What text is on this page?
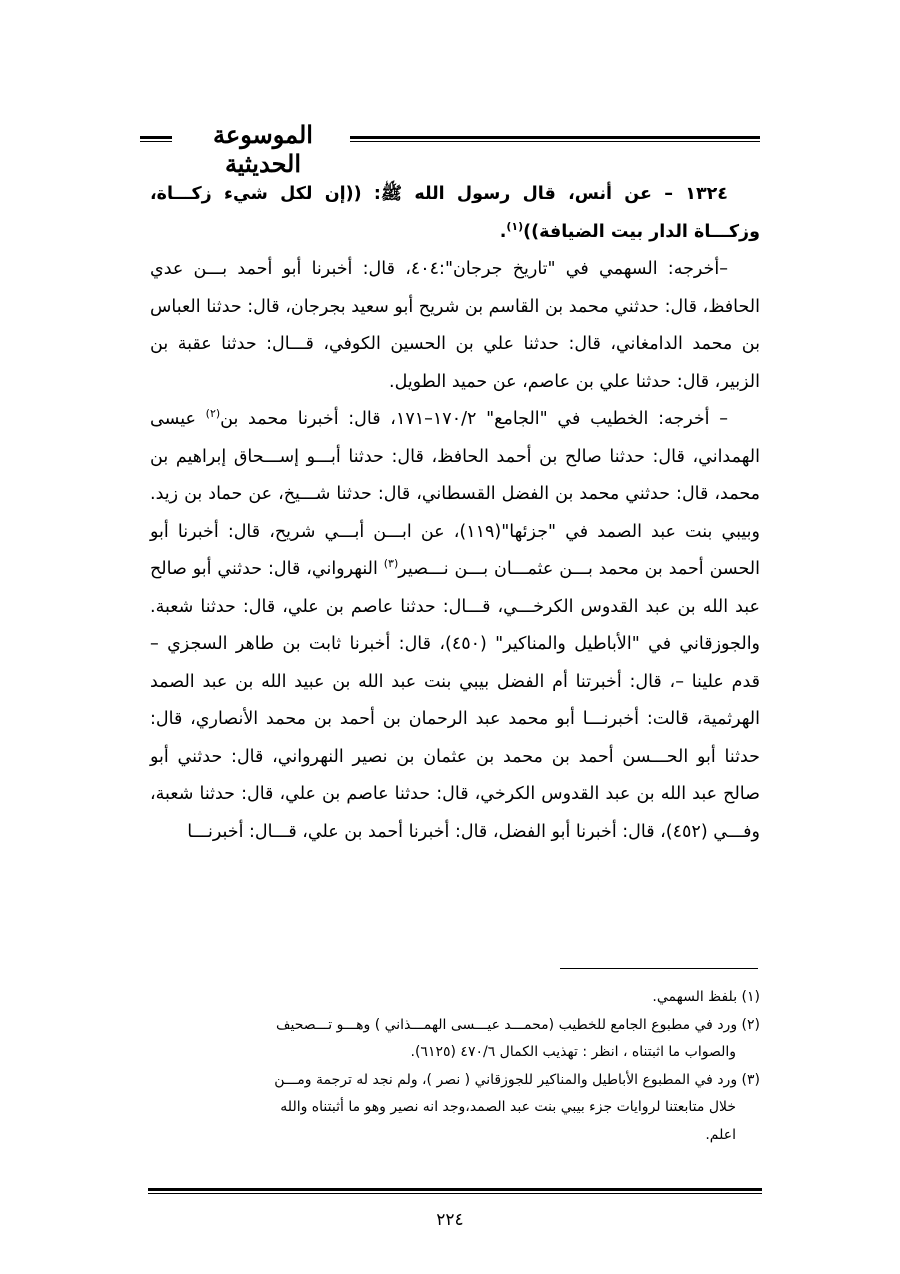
الموسوعة الحديثية

١٣٢٤ – عن أنس، قال رسول الله ﷺ: ((إن لكل شيء زكـــاة، وزكـــاة الدار بيت الضيافة))$^{(١)}$.

–أخرجه: السهمي في "تاريخ جرجان":٤٠٤، قال: أخبرنا أبو أحمد بـــن عدي الحافظ، قال: حدثني محمد بن القاسم بن شريح أبو سعيد بجرجان، قال: حدثنا العباس بن محمد الدامغاني، قال: حدثنا علي بن الحسين الكوفي، قـــال: حدثنا عقبة بن الزبير، قال: حدثنا علي بن عاصم، عن حميد الطويل.

– أخرجه: الخطيب في "الجامع" ١٧٠/٢–١٧١، قال: أخبرنا محمد بن$^{(٢)}$ عيسى الهمداني، قال: حدثنا صالح بن أحمد الحافظ، قال: حدثنا أبـــو إســـحاق إبراهيم بن محمد، قال: حدثني محمد بن الفضل القسطاني، قال: حدثنا شـــيخ، عن حماد بن زيد. وبيبي بنت عبد الصمد في "جزئها"(١١٩)، عن ابـــن أبـــي شريح، قال: أخبرنا أبو الحسن أحمد بن محمد بـــن عثمـــان بـــن نـــصير$^{(٣)}$ النهرواني، قال: حدثني أبو صالح عبد الله بن عبد القدوس الكرخـــي، قـــال: حدثنا عاصم بن علي، قال: حدثنا شعبة. والجوزقاني في "الأباطيل والمناكير" (٤٥٠)، قال: أخبرنا ثابت بن طاهر السجزي – قدم علينا –، قال: أخبرتنا أم الفضل بيبي بنت عبد الله بن عبيد الله بن عبد الصمد الهرثمية، قالت: أخبرنـــا أبو محمد عبد الرحمان بن أحمد بن محمد الأنصاري، قال: حدثنا أبو الحـــسن أحمد بن محمد بن عثمان بن نصير النهرواني، قال: حدثني أبو صالح عبد الله بن عبد القدوس الكرخي، قال: حدثنا عاصم بن علي، قال: حدثنا شعبة، وفـــي (٤٥٢)، قال: أخبرنا أبو الفضل، قال: أخبرنا أحمد بن علي، قـــال: أخبرنـــا

(١) بلفظ السهمي.

(٢) ورد في مطبوع الجامع للخطيب (محمـــد عيـــسى الهمـــذاني ) وهـــو تـــصحيف

والصواب ما اثبتناه ، انظر : تهذيب الكمال ٤٧٠/٦ (٦١٢٥).

(٣) ورد في المطبوع الأباطيل والمناكير للجوزقاني ( نصر )، ولم نجد له ترجمة ومـــن

خلال متابعتنا لروايات جزء بيبي بنت عبد الصمد،وجد انه نصير وهو ما أثبتناه والله

اعلم.

٢٢٤
